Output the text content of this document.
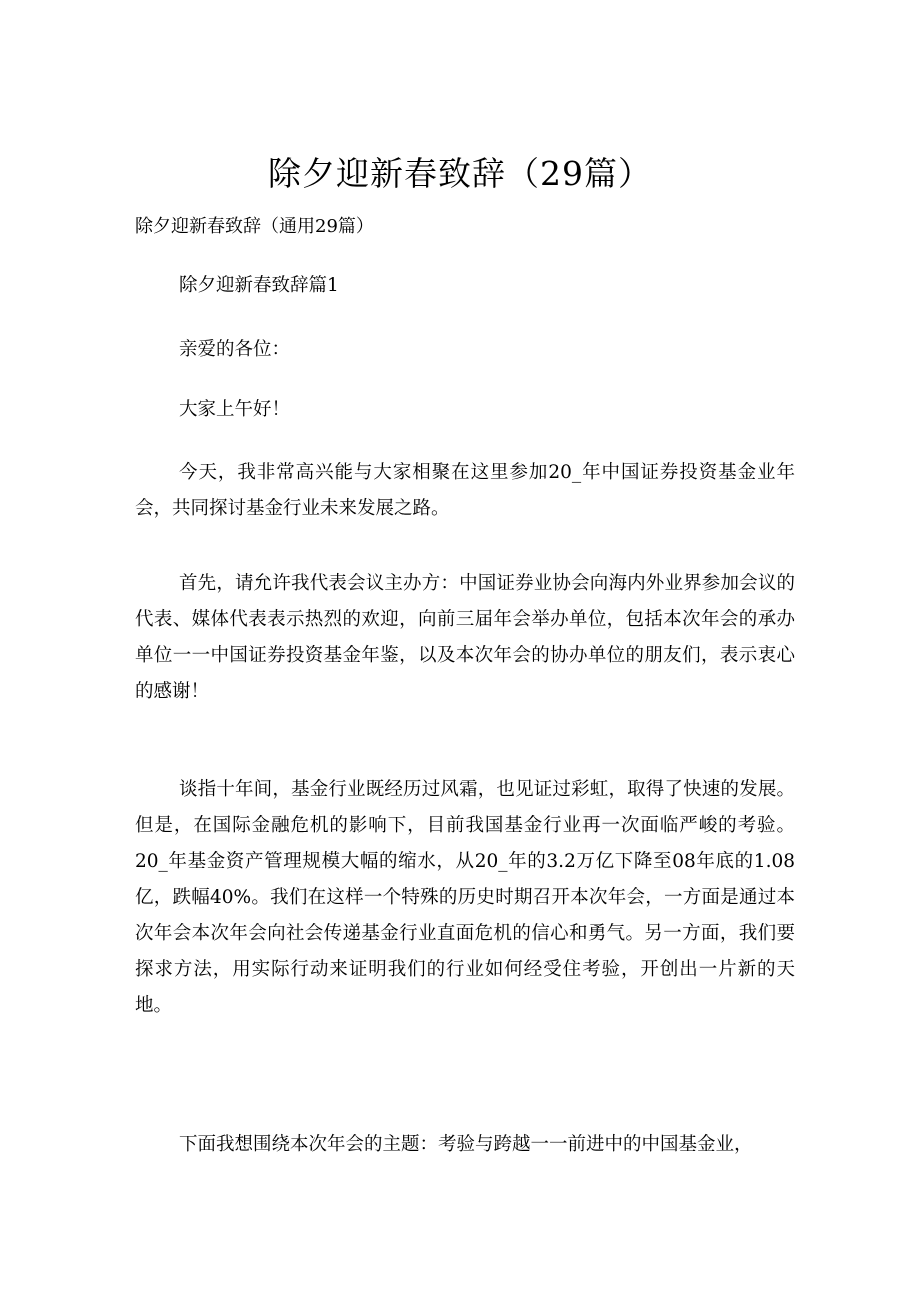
除夕迎新春致辞（29篇）
除夕迎新春致辞（通用29篇）

除夕迎新春致辞篇1

亲爱的各位：

大家上午好！

今天，我非常高兴能与大家相聚在这里参加20_年中国证券投资基金业年会，共同探讨基金行业未来发展之路。

首先，请允许我代表会议主办方：中国证券业协会向海内外业界参加会议的代表、媒体代表表示热烈的欢迎，向前三届年会举办单位，包括本次年会的承办单位一一中国证券投资基金年鉴，以及本次年会的协办单位的朋友们，表示衷心的感谢！

谈指十年间，基金行业既经历过风霜，也见证过彩虹，取得了快速的发展。但是，在国际金融危机的影响下，目前我国基金行业再一次面临严峻的考验。20_年基金资产管理规模大幅的缩水，从20_年的3.2万亿下降至08年底的1.08亿，跌幅40%。我们在这样一个特殊的历史时期召开本次年会，一方面是通过本次年会本次年会向社会传递基金行业直面危机的信心和勇气。另一方面，我们要探求方法，用实际行动来证明我们的行业如何经受住考验，开创出一片新的天地。

下面我想围绕本次年会的主题：考验与跨越一一前进中的中国基金业，
